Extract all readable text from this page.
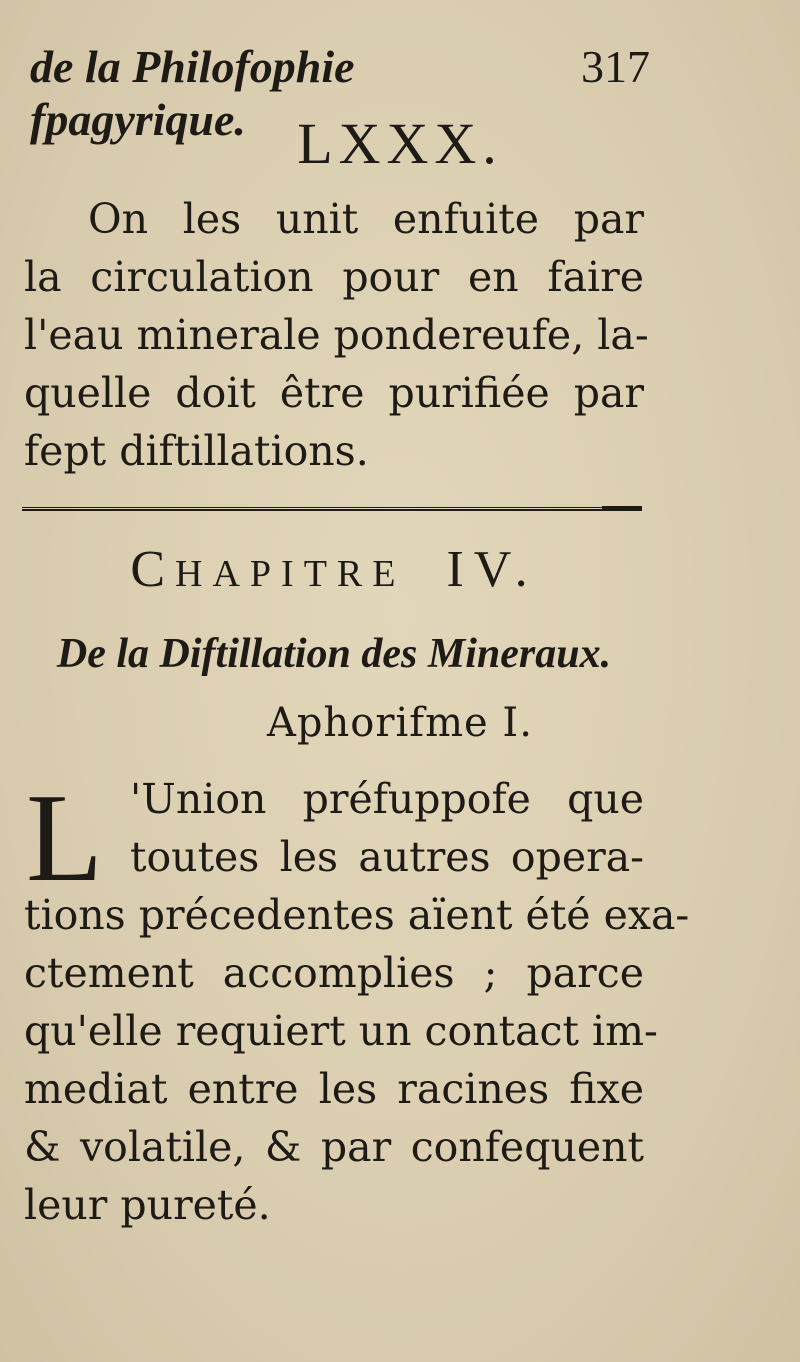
de la Philofophie fpagyrique.
317
LXXX.
On les unit enfuite par
la circulation pour en faire
l'eau minerale pondereufe, la-
quelle doit être purifiée par
fept diftillations.
CHAPITRE IV.
De la Diftillation des Mineraux.
Aphorifme I.
L 'Union préfuppofe que
toutes les autres opera-
tions précedentes aïent été exa-
ctement accomplies ; parce
qu'elle requiert un contact im-
mediat entre les racines fixe
& volatile, & par confequent
leur pureté.
